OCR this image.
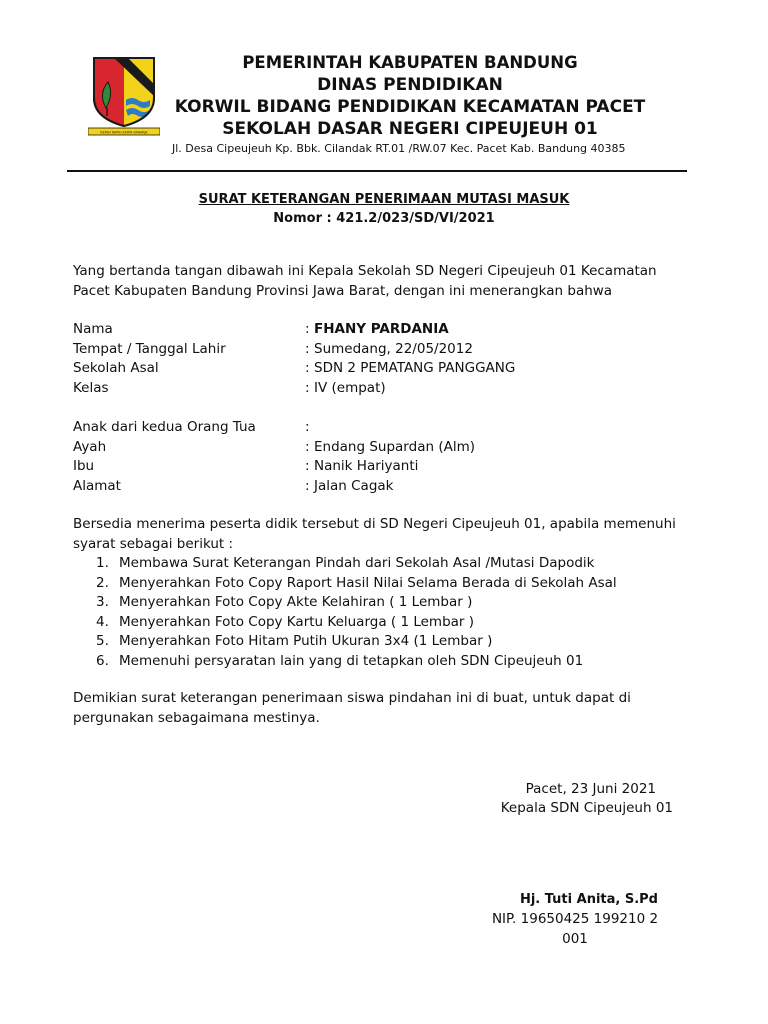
REPEH RAPIH KERTA RAHARJA
PEMERINTAH KABUPATEN BANDUNG
DINAS PENDIDIKAN
KORWIL BIDANG PENDIDIKAN KECAMATAN PACET
SEKOLAH DASAR NEGERI CIPEUJEUH 01
Jl. Desa Cipeujeuh Kp. Bbk. Cilandak RT.01 /RW.07 Kec. Pacet Kab. Bandung 40385
SURAT KETERANGAN PENERIMAAN MUTASI MASUK
Nomor : 421.2/023/SD/VI/2021
Yang bertanda tangan dibawah ini Kepala Sekolah SD Negeri Cipeujeuh 01 Kecamatan Pacet Kabupaten Bandung Provinsi Jawa Barat, dengan ini menerangkan bahwa
Nama	: FHANY PARDANIA
Tempat / Tanggal Lahir	: Sumedang, 22/05/2012
Sekolah Asal	: SDN 2 PEMATANG PANGGANG
Kelas	: IV (empat)
Anak dari kedua Orang Tua	:
Ayah	: Endang Supardan (Alm)
Ibu	: Nanik Hariyanti
Alamat	: Jalan Cagak
Bersedia menerima peserta didik tersebut di SD Negeri Cipeujeuh 01, apabila memenuhi syarat sebagai berikut :
1. Membawa Surat Keterangan Pindah dari Sekolah Asal /Mutasi Dapodik
2. Menyerahkan Foto Copy Raport Hasil Nilai Selama Berada di Sekolah Asal
3. Menyerahkan Foto Copy Akte Kelahiran ( 1 Lembar )
4. Menyerahkan Foto Copy Kartu Keluarga ( 1 Lembar )
5. Menyerahkan Foto Hitam Putih Ukuran 3x4 (1 Lembar )
6. Memenuhi persyaratan lain yang di tetapkan oleh SDN Cipeujeuh 01
Demikian surat keterangan penerimaan siswa pindahan ini di buat, untuk dapat di pergunakan sebagaimana mestinya.
Pacet, 23 Juni 2021
Kepala SDN Cipeujeuh 01
Hj. Tuti Anita, S.Pd
NIP. 19650425 199210 2 001
